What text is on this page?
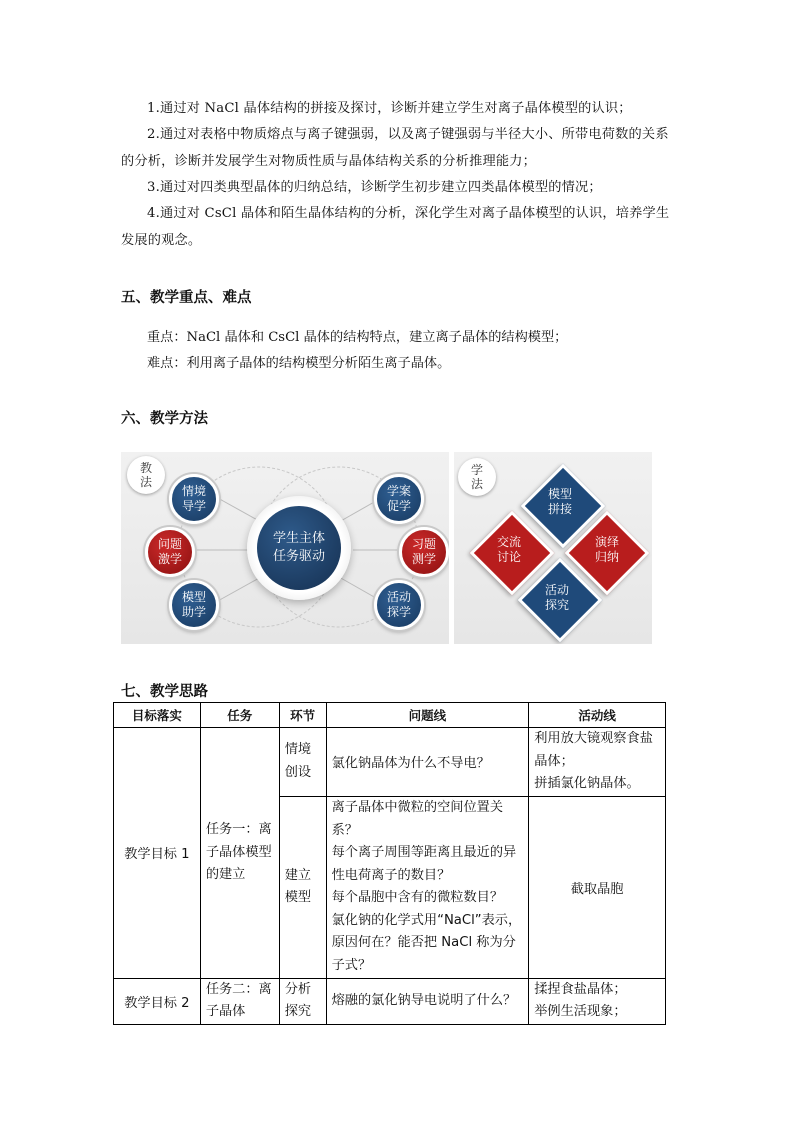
1.通过对 NaCl 晶体结构的拼接及探讨，诊断并建立学生对离子晶体模型的认识；

2.通过对表格中物质熔点与离子键强弱，以及离子键强弱与半径大小、所带电荷数的关系的分析，诊断并发展学生对物质性质与晶体结构关系的分析推理能力；

3.通过对四类典型晶体的归纳总结，诊断学生初步建立四类晶体模型的情况；

4.通过对 CsCl 晶体和陌生晶体结构的分析，深化学生对离子晶体模型的认识，培养学生发展的观念。

五、教学重点、难点

重点：NaCl 晶体和 CsCl 晶体的结构特点，建立离子晶体的结构模型；

难点：利用离子晶体的结构模型分析陌生离子晶体。

六、教学方法

教
法
学生主体
任务驱动
情境
导学
问题
激学
模型
助学
学案
促学
习题
测学
活动
探学
学
法
模型
拼接
交流
讨论
演绎
归纳
活动
探究

七、教学思路

目标落实	任务	环节	问题线	活动线
教学目标 1	任务一：离子晶体模型的建立	情境创设	氯化钠晶体为什么不导电？	利用放大镜观察食盐晶体；
拼插氯化钠晶体。

		建立模型	离子晶体中微粒的空间位置关系？
每个离子周围等距离且最近的异性电荷离子的数目？
每个晶胞中含有的微粒数目？
氯化钠的化学式用“NaCl”表示，原因何在？能否把 NaCl 称为分子式？	截取晶胞
教学目标 2	任务二：离子晶体	分析探究	熔融的氯化钠导电说明了什么？	揉捏食盐晶体；
举例生活现象；
